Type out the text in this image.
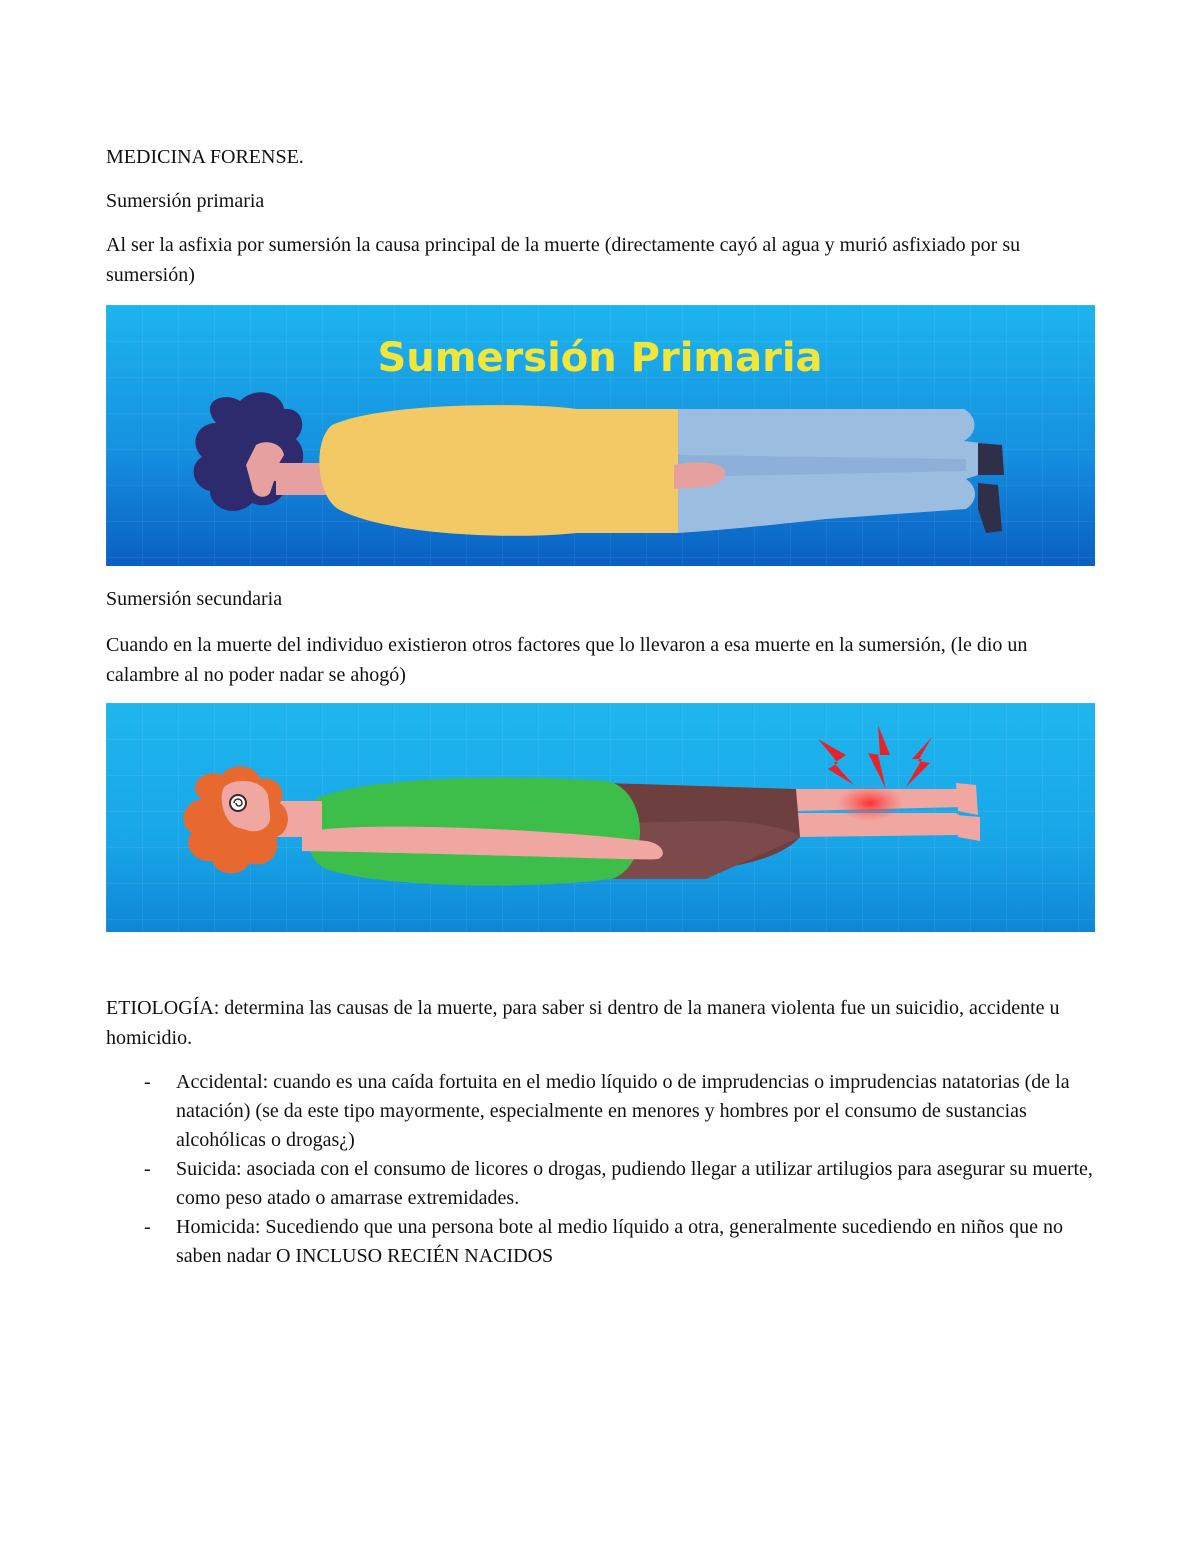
MEDICINA FORENSE.

Sumersión primaria

Al ser la asfixia por sumersión la causa principal de la muerte (directamente cayó al agua y murió asfixiado por su sumersión)

Sumersión Primaria

Sumersión secundaria

Cuando en la muerte del individuo existieron otros factores que lo llevaron a esa muerte en la sumersión, (le dio un calambre al no poder nadar se ahogó)

ETIOLOGÍA: determina las causas de la muerte, para saber si dentro de la manera violenta fue un suicidio, accidente u homicidio.

- Accidental: cuando es una caída fortuita en el medio líquido o de imprudencias o imprudencias natatorias (de la natación) (se da este tipo mayormente, especialmente en menores y hombres por el consumo de sustancias alcohólicas o drogas¿)
- Suicida: asociada con el consumo de licores o drogas, pudiendo llegar a utilizar artilugios para asegurar su muerte, como peso atado o amarrase extremidades.
- Homicida: Sucediendo que una persona bote al medio líquido a otra, generalmente sucediendo en niños que no saben nadar O INCLUSO RECIÉN NACIDOS
